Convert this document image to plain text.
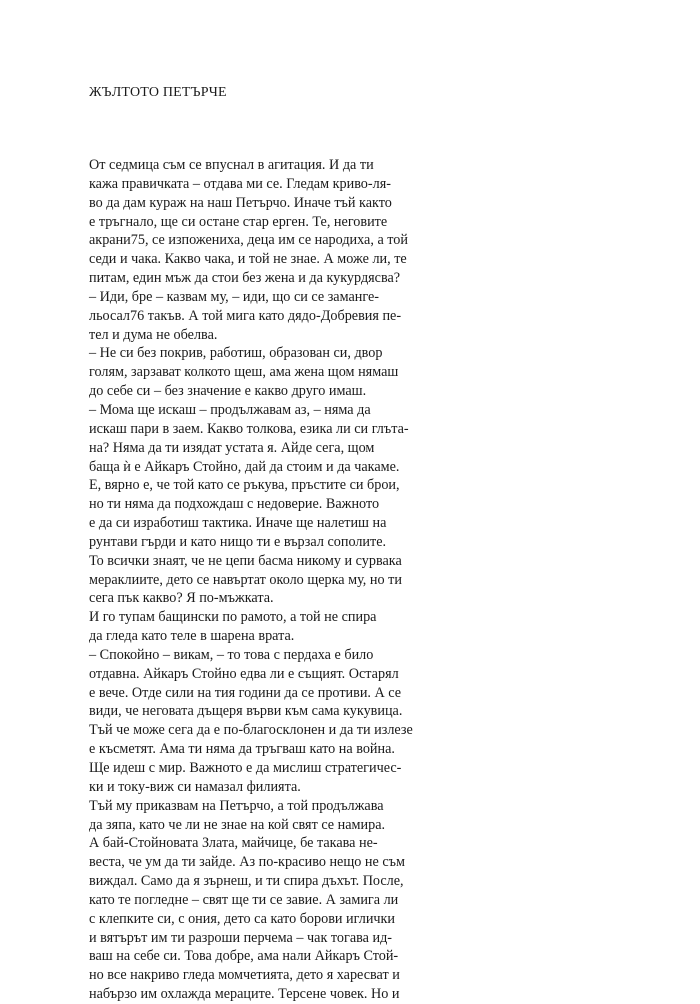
ЖЪЛТОТО ПЕТЪРЧЕ
От седмица съм се впуснал в агитация. И да ти
кажа правичката – отдава ми се. Гледам криво-ля-
во да дам кураж на наш Петърчо. Иначе тъй както
е тръгнало, ще си остане стар ерген. Те, неговите
акрани75, се изпожениха, деца им се народиха, а той
седи и чака. Какво чака, и той не знае. А може ли, те
питам, един мъж да стои без жена и да кукурдясва?
– Иди, бре – казвам му, – иди, що си се заманге-
льосал76 такъв. А той мига като дядо-Добревия пе-
тел и дума не обелва.
– Не си без покрив, работиш, образован си, двор
голям, зарзават колкото щеш, ама жена щом нямаш
до себе си – без значение е какво друго имаш.
– Мома ще искаш – продължавам аз, – няма да
искаш пари в заем. Какво толкова, езика ли си глъта-
на? Няма да ти изядат устата я. Айде сега, щом
баща ѝ е Айкаръ Стойно, дай да стоим и да чакаме.
Е, вярно е, че той като се ръкува, пръстите си брои,
но ти няма да подхождаш с недоверие. Важното
е да си изработиш тактика. Иначе ще налетиш на
рунтави гърди и като нищо ти е вързал сополите.
То всички знаят, че не цепи басма никому и сурвака
мераклиите, дето се навъртат около щерка му, но ти
сега пък какво? Я по-мъжката.
И го тупам бащински по рамото, а той не спира
да гледа като теле в шарена врата.
– Спокойно – викам, – то това с пердаха е било
отдавна. Айкаръ Стойно едва ли е същият. Остарял
е вече. Отде сили на тия години да се противи. А се
види, че неговата дъщеря върви към сама кукувица.
Тъй че може сега да е по-благосклонен и да ти излезе
е късметят. Ама ти няма да тръгваш като на война.
Ще идеш с мир. Важното е да мислиш стратегичес-
ки и току-виж си намазал филията.
Тъй му приказвам на Петърчо, а той продължава
да зяпа, като че ли не знае на кой свят се намира.
А бай-Стойновата Злата, майчице, бе такава не-
веста, че ум да ти зайде. Аз по-красиво нещо не съм
виждал. Само да я зърнеш, и ти спира дъхът. После,
като те погледне – свят ще ти се завие. А замига ли
с клепките си, с ония, дето са като борови иглички
и вятърът им ти разроши перчема – чак тогава ид-
ваш на себе си. Това добре, ама нали Айкаръ Стой-
но все накриво гледа момчетията, дето я харесват и
набързо им охлажда мераците. Терсене човек. Но и
